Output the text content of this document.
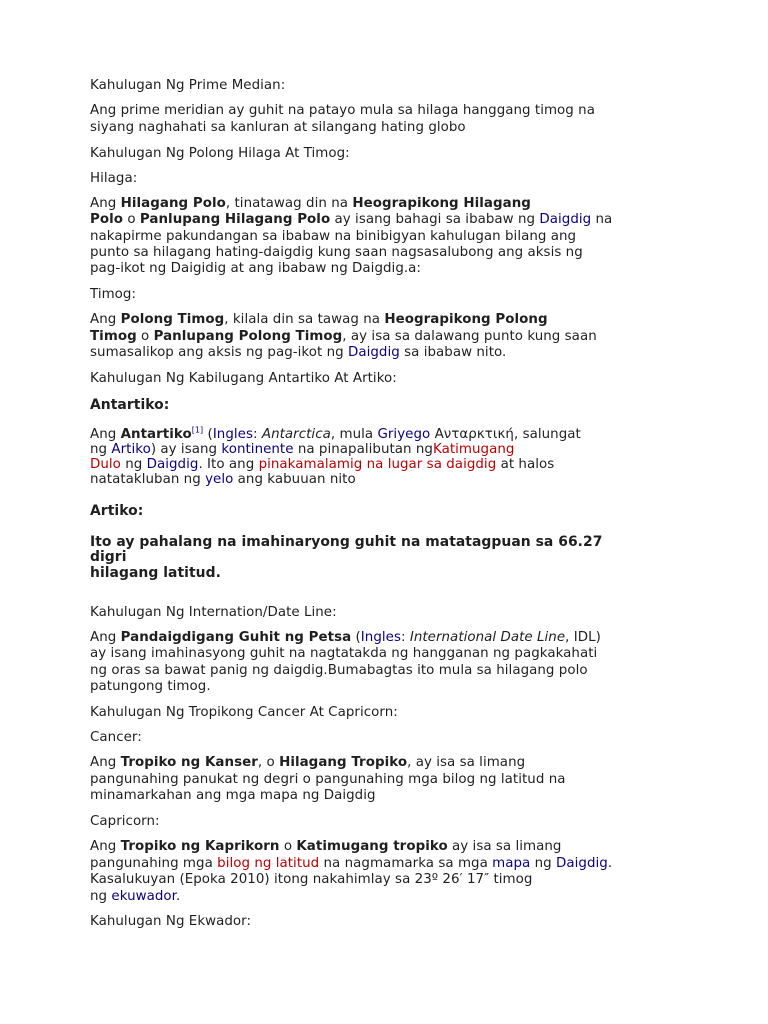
Kahulugan Ng Prime Median:

Ang prime meridian ay guhit na patayo mula sa hilaga hanggang timog na

siyang naghahati sa kanluran at silangang hating globo

Kahulugan Ng Polong Hilaga At Timog:

Hilaga:

Ang Hilagang Polo, tinatawag din na Heograpikong Hilagang

Polo o Panlupang Hilagang Polo ay isang bahagi sa ibabaw ng Daigdig na

nakapirme pakundangan sa ibabaw na binibigyan kahulugan bilang ang

punto sa hilagang hating-daigdig kung saan nagsasalubong ang aksis ng

pag-ikot ng Daigidig at ang ibabaw ng Daigdig.a:

Timog:

Ang Polong Timog, kilala din sa tawag na Heograpikong Polong

Timog o Panlupang Polong Timog, ay isa sa dalawang punto kung saan

sumasalikop ang aksis ng pag-ikot ng Daigdig sa ibabaw nito.

Kahulugan Ng Kabilugang Antartiko At Artiko:

Antartiko:

Ang Antartiko[1] (Ingles: Antarctica, mula Griyego Ανταρκτική, salungat

ng Artiko) ay isang kontinente na pinapalibutan ngKatimugang

Dulo ng Daigdig. Ito ang pinakamalamig na lugar sa daigdig at halos

natatakluban ng yelo ang kabuuan nito

Artiko:

Ito ay pahalang na imahinaryong guhit na matatagpuan sa 66.27

digri

hilagang latitud.

Kahulugan Ng Internation/Date Line:

Ang Pandaigdigang Guhit ng Petsa (Ingles: International Date Line, IDL)

ay isang imahinasyong guhit na nagtatakda ng hangganan ng pagkakahati

ng oras sa bawat panig ng daigdig.Bumabagtas ito mula sa hilagang polo

patungong timog.

Kahulugan Ng Tropikong Cancer At Capricorn:

Cancer:

Ang Tropiko ng Kanser, o Hilagang Tropiko, ay isa sa limang

pangunahing panukat ng degri o pangunahing mga bilog ng latitud na

minamarkahan ang mga mapa ng Daigdig

Capricorn:

Ang Tropiko ng Kaprikorn o Katimugang tropiko ay isa sa limang

pangunahing mga bilog ng latitud na nagmamarka sa mga mapa ng Daigdig.

Kasalukuyan (Epoka 2010) itong nakahimlay sa 23º 26′ 17″ timog

ng ekuwador.

Kahulugan Ng Ekwador:
